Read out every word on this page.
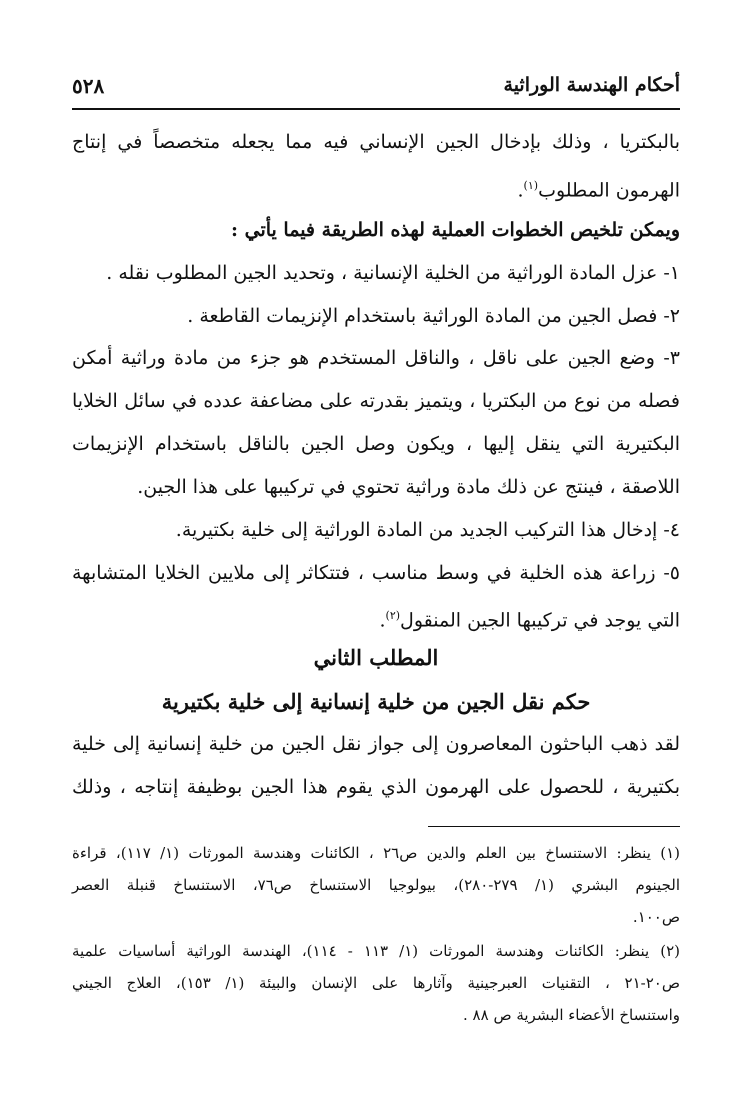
أحكام الهندسة الوراثية
٥٢٨
بالبكتريا ، وذلك بإدخال الجين الإنساني فيه مما يجعله متخصصاً في إنتاج
الهرمون المطلوب$^{(١)}$.
ويمكن تلخيص الخطوات العملية لهذه الطريقة فيما يأتي :
١- عزل المادة الوراثية من الخلية الإنسانية ، وتحديد الجين المطلوب نقله .
٢- فصل الجين من المادة الوراثية باستخدام الإنزيمات القاطعة .
٣- وضع الجين على ناقل ، والناقل المستخدم هو جزء من مادة وراثية أمكن
فصله من نوع من البكتريا ، ويتميز بقدرته على مضاعفة عدده في سائل الخلايا
البكتيرية التي ينقل إليها ، ويكون وصل الجين بالناقل باستخدام الإنزيمات
اللاصقة ، فينتج عن ذلك مادة وراثية تحتوي في تركيبها على هذا الجين.
٤- إدخال هذا التركيب الجديد من المادة الوراثية إلى خلية بكتيرية.
٥- زراعة هذه الخلية في وسط مناسب ، فتتكاثر إلى ملايين الخلايا المتشابهة
التي يوجد في تركيبها الجين المنقول$^{(٢)}$.
المطلب الثاني
حكم نقل الجين من خلية إنسانية إلى خلية بكتيرية
لقد ذهب الباحثون المعاصرون إلى جواز نقل الجين من خلية إنسانية إلى خلية
بكتيرية ، للحصول على الهرمون الذي يقوم هذا الجين بوظيفة إنتاجه ، وذلك
(١) ينظر: الاستنساخ بين العلم والدين ص٢٦ ، الكائنات وهندسة المورثات (١/ ١١٧)، قراءة
الجينوم البشري (١/ ٢٧٩-٢٨٠)، بيولوجيا الاستنساخ ص٧٦، الاستنساخ قنبلة العصر
ص١٠٠.
(٢) ينظر: الكائنات وهندسة المورثات (١/ ١١٣ - ١١٤)، الهندسة الوراثية أساسيات علمية
ص٢٠-٢١ ، التقنيات العبرجينية وآثارها على الإنسان والبيئة (١/ ١٥٣)، العلاج الجيني
واستنساخ الأعضاء البشرية ص ٨٨ .
